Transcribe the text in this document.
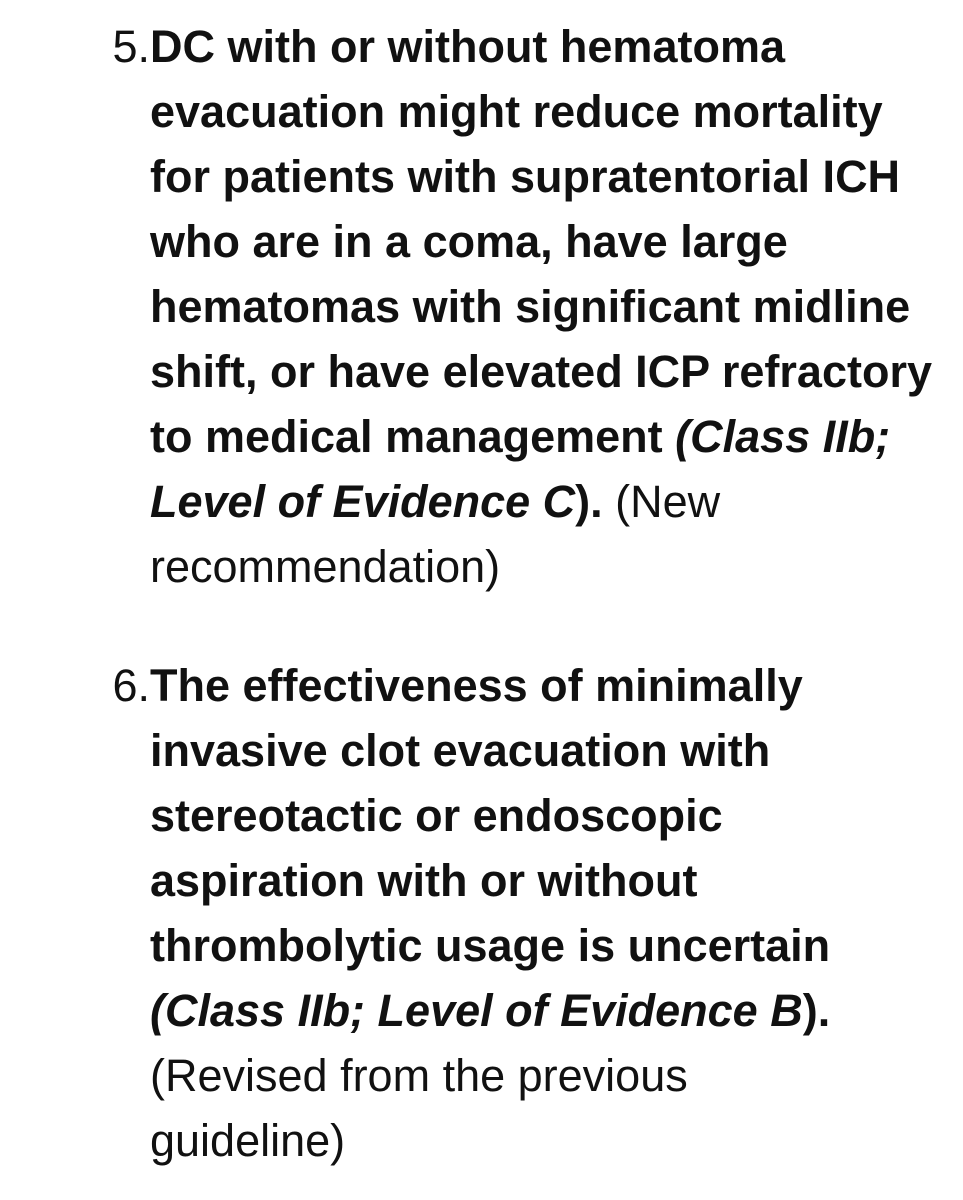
5. DC with or without hematoma
evacuation might reduce mortality
for patients with supratentorial ICH
who are in a coma, have large
hematomas with significant midline
shift, or have elevated ICP refractory
to medical management (Class IIb;
Level of Evidence C). (New
recommendation)
6. The effectiveness of minimally
invasive clot evacuation with
stereotactic or endoscopic
aspiration with or without
thrombolytic usage is uncertain
(Class IIb; Level of Evidence B).
(Revised from the previous
guideline)
